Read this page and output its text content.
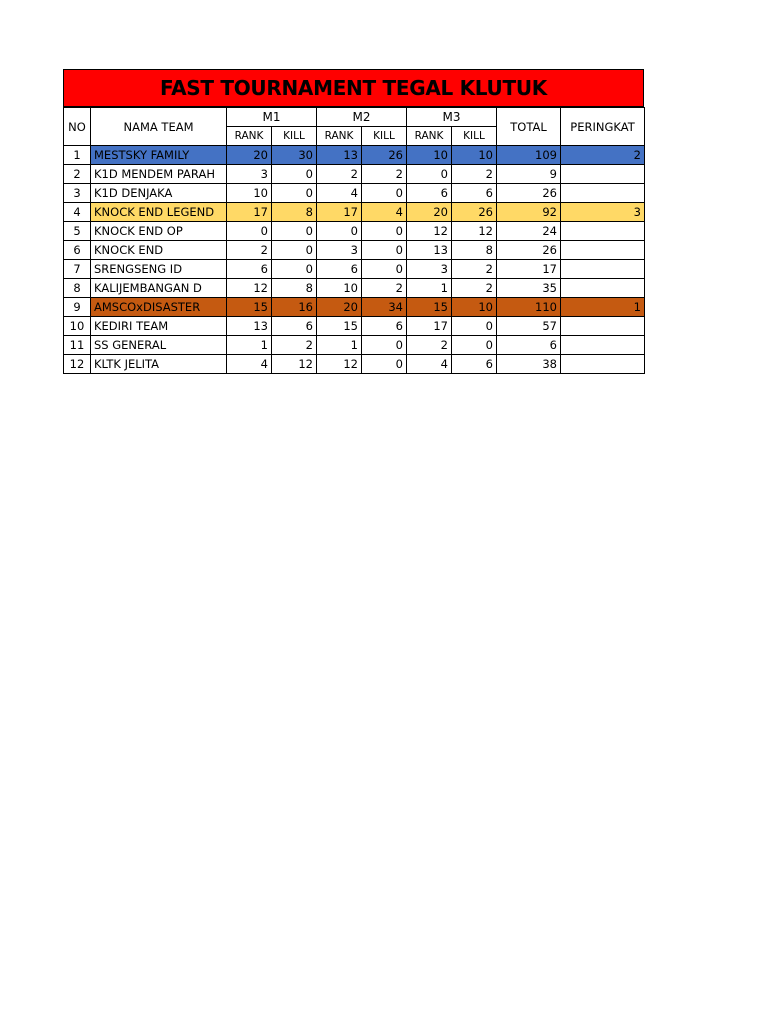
FAST TOURNAMENT TEGAL KLUTUK
NO	NAMA TEAM	M1		M2		M3		TOTAL	PERINGKAT
		RANK	KILL	RANK	KILL	RANK	KILL		
1	MESTSKY FAMILY	20	30	13	26	10	10	109	2
2	K1D MENDEM PARAH	3	0	2	2	0	2	9	
3	K1D DENJAKA	10	0	4	0	6	6	26	
4	KNOCK END LEGEND	17	8	17	4	20	26	92	3
5	KNOCK END OP	0	0	0	0	12	12	24	
6	KNOCK END	2	0	3	0	13	8	26	
7	SRENGSENG ID	6	0	6	0	3	2	17	
8	KALIJEMBANGAN D	12	8	10	2	1	2	35	
9	AMSCOxDISASTER	15	16	20	34	15	10	110	1
10	KEDIRI TEAM	13	6	15	6	17	0	57	
11	SS GENERAL	1	2	1	0	2	0	6	
12	KLTK JELITA	4	12	12	0	4	6	38	
